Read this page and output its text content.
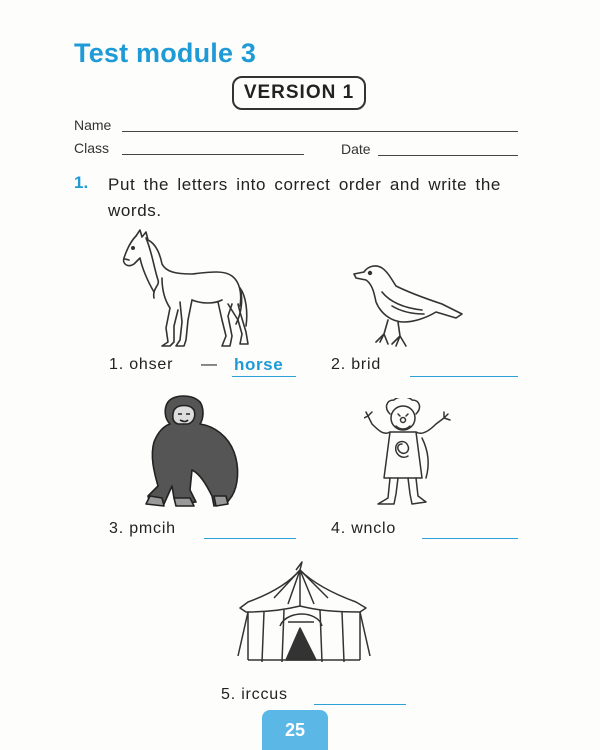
Test module 3
VERSION 1
Name
Class	Date
1. Put the letters into correct order and write the words.
1. ohser — horse	2. brid
3. pmcih	4. wnclo
5. irccus
25
